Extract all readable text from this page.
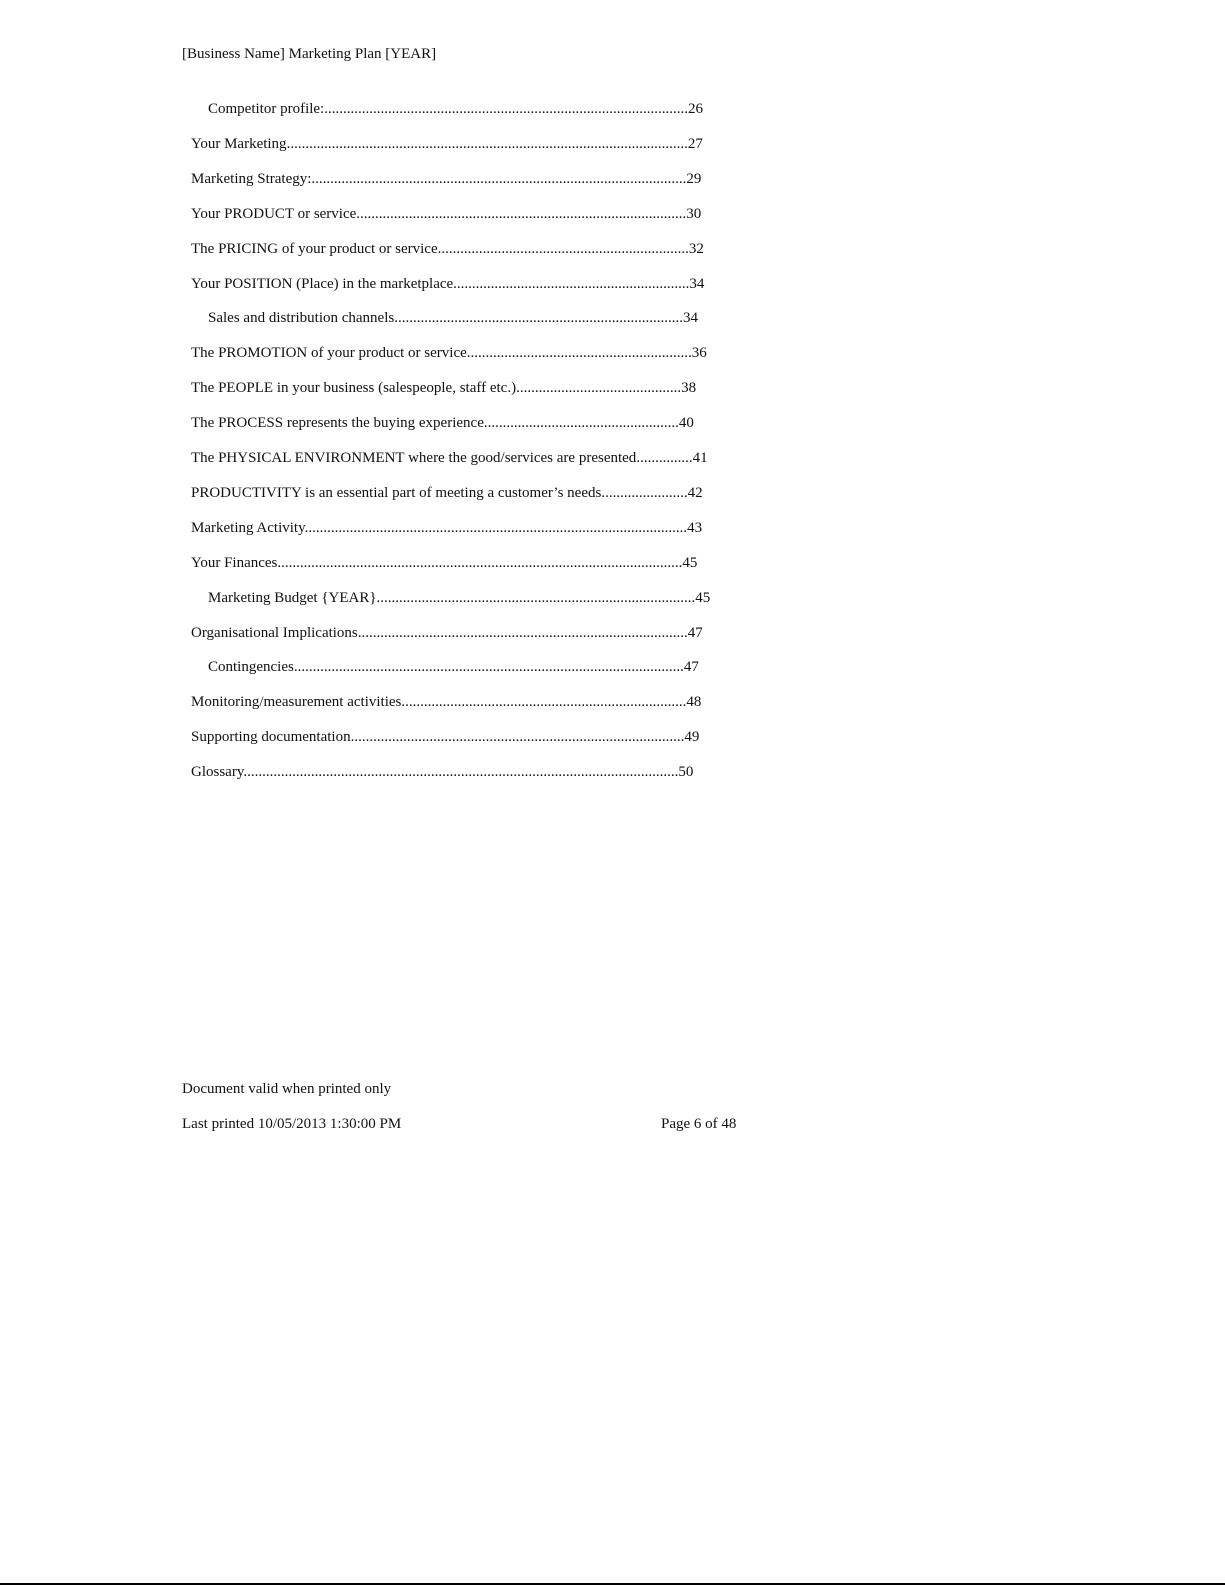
[Business Name] Marketing Plan [YEAR]
Competitor profile:.................................................................................................26
Your Marketing...........................................................................................................27
Marketing Strategy:....................................................................................................29
Your PRODUCT or service........................................................................................30
The PRICING of your product or service...................................................................32
Your POSITION (Place) in the marketplace...............................................................34
Sales and distribution channels.............................................................................34
The PROMOTION of your product or service............................................................36
The PEOPLE in your business (salespeople, staff etc.)............................................38
The PROCESS represents the buying experience....................................................40
The PHYSICAL ENVIRONMENT where the good/services are presented...............41
PRODUCTIVITY is an essential part of meeting a customer’s needs.......................42
Marketing Activity......................................................................................................43
Your Finances............................................................................................................45
Marketing Budget {YEAR}.....................................................................................45
Organisational Implications........................................................................................47
Contingencies........................................................................................................47
Monitoring/measurement activities............................................................................48
Supporting documentation.........................................................................................49
Glossary....................................................................................................................50
Document valid when printed only
Last printed 10/05/2013 1:30:00 PM	Page 6 of 48
